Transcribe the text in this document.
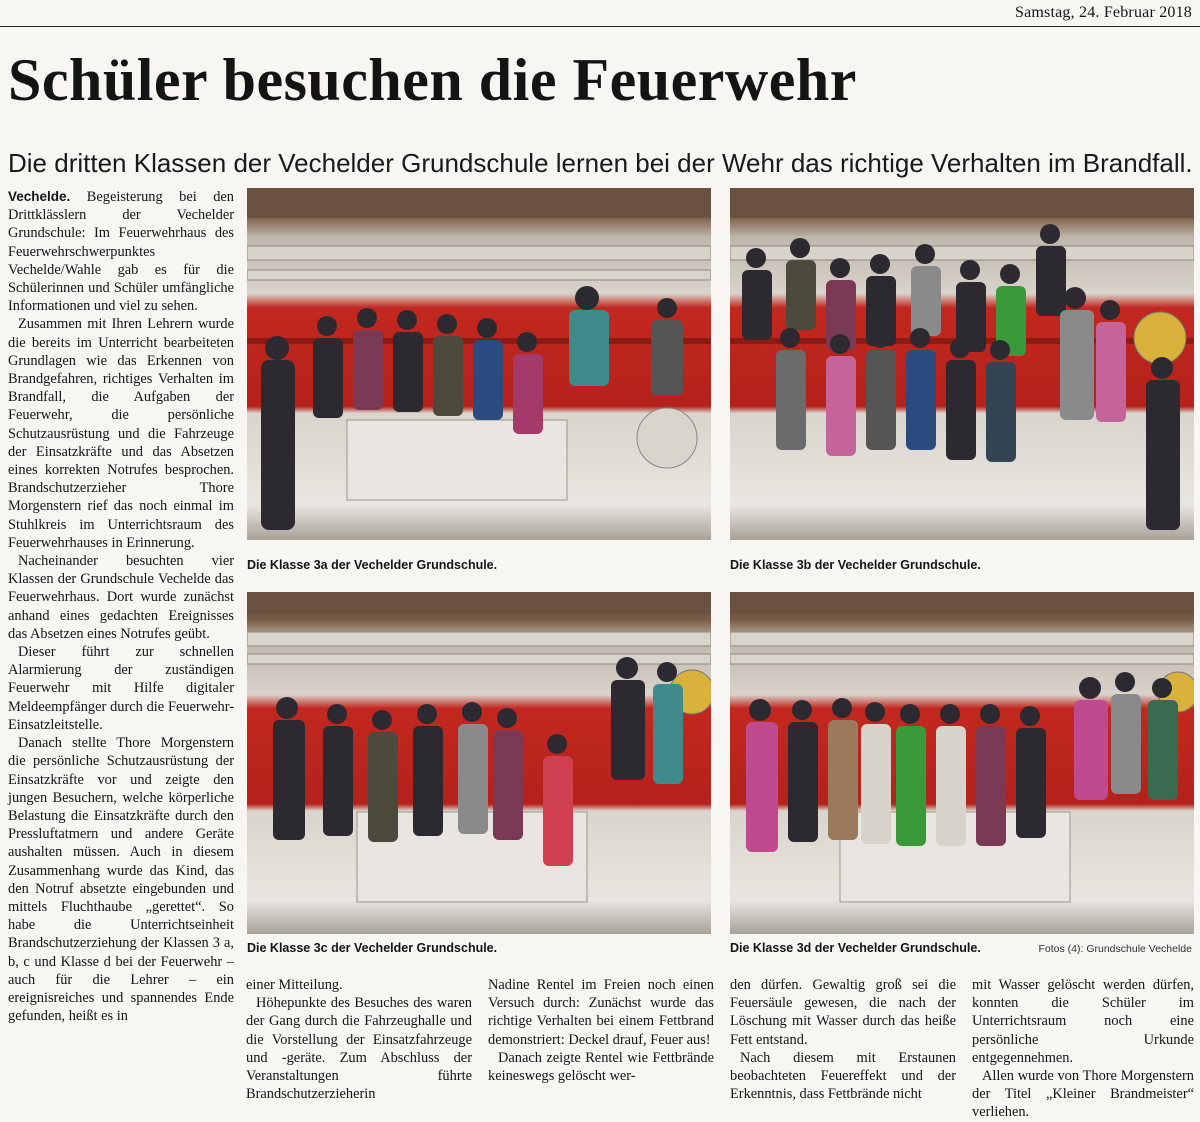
Samstag, 24. Februar 2018
Schüler besuchen die Feuerwehr
Die dritten Klassen der Vechelder Grundschule lernen bei der Wehr das richtige Verhalten im Brandfall.

Vechelde. Begeisterung bei den Drittklässlern der Vechelder Grundschule: Im Feuerwehrhaus des Feuerwehrschwerpunktes Vechelde/Wahle gab es für die Schülerinnen und Schüler umfängliche Informationen und viel zu sehen.

Zusammen mit Ihren Lehrern wurde die bereits im Unterricht bearbeiteten Grundlagen wie das Erkennen von Brandgefahren, richtiges Verhalten im Brandfall, die Aufgaben der Feuerwehr, die persönliche Schutzausrüstung und die Fahrzeuge der Einsatzkräfte und das Absetzen eines korrekten Notrufes besprochen. Brandschutzerzieher Thore Morgenstern rief das noch einmal im Stuhlkreis im Unterrichtsraum des Feuerwehrhauses in Erinnerung.

Nacheinander besuchten vier Klassen der Grundschule Vechelde das Feuerwehrhaus. Dort wurde zunächst anhand eines gedachten Ereignisses das Absetzen eines Notrufes geübt.

Dieser führt zur schnellen Alarmierung der zuständigen Feuerwehr mit Hilfe digitaler Meldeempfänger durch die Feuerwehr-Einsatzleitstelle.

Danach stellte Thore Morgenstern die persönliche Schutzausrüstung der Einsatzkräfte vor und zeigte den jungen Besuchern, welche körperliche Belastung die Einsatzkräfte durch den Pressluftatmern und andere Geräte aushalten müssen. Auch in diesem Zusammenhang wurde das Kind, das den Notruf absetzte eingebunden und mittels Fluchthaube „gerettet“. So habe die Unterrichtseinheit Brandschutzerziehung der Klassen 3 a, b, c und Klasse d bei der Feuerwehr – auch für die Lehrer – ein ereignisreiches und spannendes Ende gefunden, heißt es in

Die Klasse 3a der Vechelder Grundschule.	Die Klasse 3b der Vechelder Grundschule.
Die Klasse 3c der Vechelder Grundschule.	Die Klasse 3d der Vechelder Grundschule.	Fotos (4): Grundschule Vechelde

einer Mitteilung.

Höhepunkte des Besuches des waren der Gang durch die Fahrzeughalle und die Vorstellung der Einsatzfahrzeuge und -geräte. Zum Abschluss der Veranstaltungen führte Brandschutzerzieherin

Nadine Rentel im Freien noch einen Versuch durch: Zunächst wurde das richtige Verhalten bei einem Fettbrand demonstriert: Deckel drauf, Feuer aus!

Danach zeigte Rentel wie Fettbrände keineswegs gelöscht wer-

den dürfen. Gewaltig groß sei die Feuersäule gewesen, die nach der Löschung mit Wasser durch das heiße Fett entstand.

Nach diesem mit Erstaunen beobachteten Feuereffekt und der Erkenntnis, dass Fettbrände nicht

mit Wasser gelöscht werden dürfen, konnten die Schüler im Unterrichtsraum noch eine persönliche Urkunde entgegennehmen.

Allen wurde von Thore Morgenstern der Titel „Kleiner Brandmeister“ verliehen.
